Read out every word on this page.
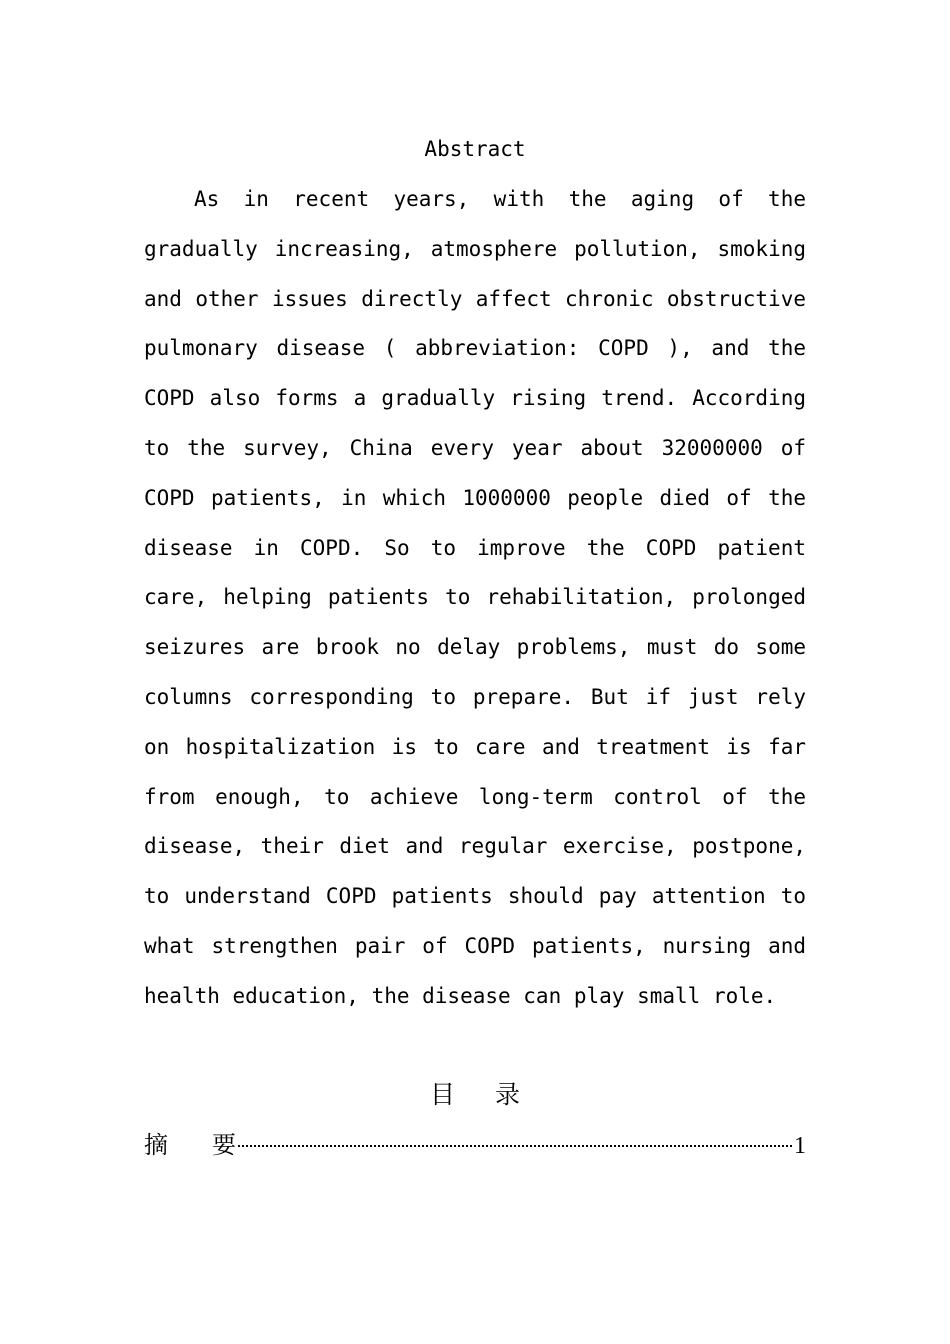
Abstract

As in recent years, with the aging of the gradually increasing, atmosphere pollution, smoking and other issues directly affect chronic obstructive pulmonary disease ( abbreviation: COPD ), and the COPD also forms a gradually rising trend. According to the survey, China every year about 32000000 of COPD patients, in which 1000000 people died of the disease in COPD. So to improve the COPD patient care, helping patients to rehabilitation, prolonged seizures are brook no delay problems, must do some columns corresponding to prepare. But if just rely on hospitalization is to care and treatment is far from enough, to achieve long-term control of the disease, their diet and regular exercise, postpone, to understand COPD patients should pay attention to what strengthen pair of COPD patients, nursing and health education, the disease can play small role.

目 录
摘 要	1
